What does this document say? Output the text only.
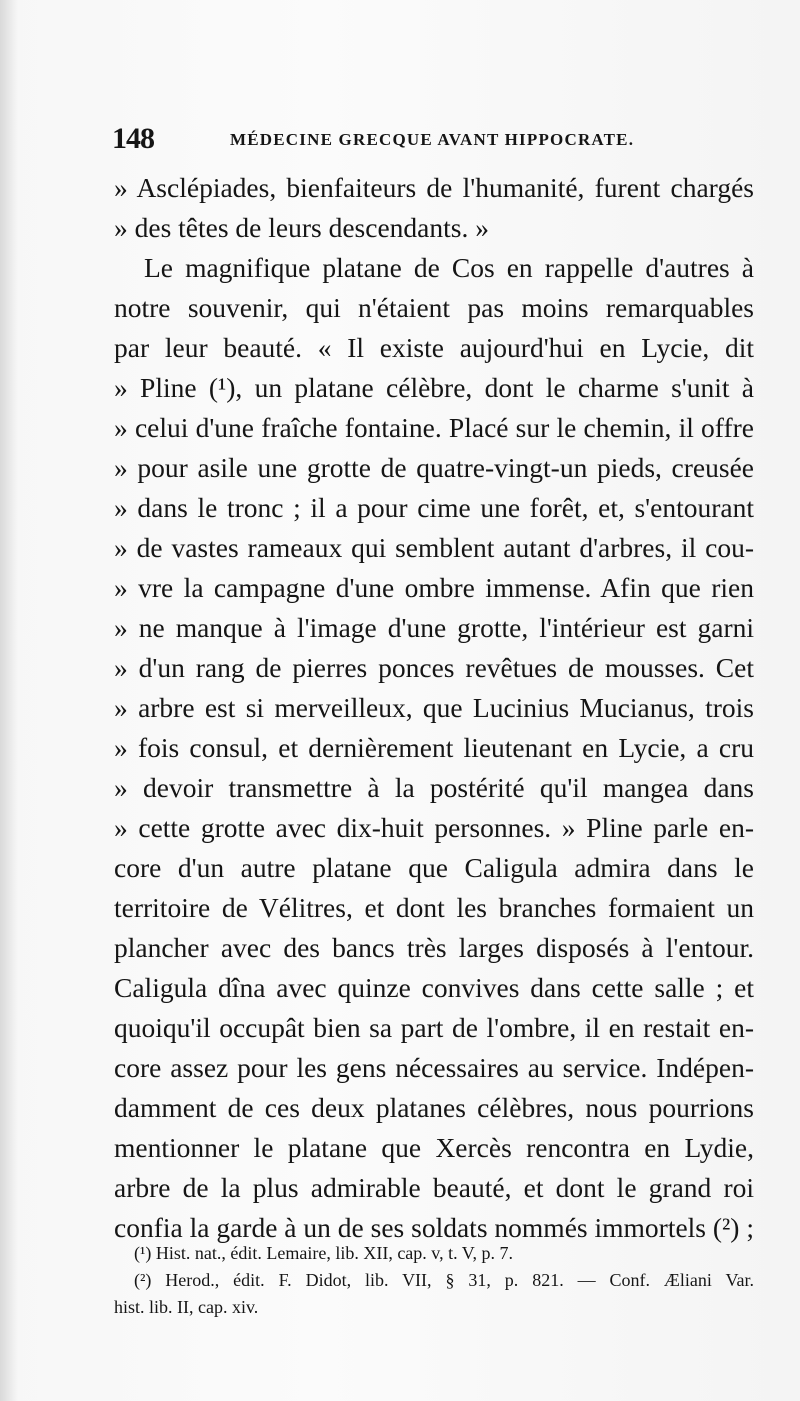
148	MÉDECINE GRECQUE AVANT HIPPOCRATE.
» Asclépiades, bienfaiteurs de l'humanité, furent chargés
» des têtes de leurs descendants. »
Le magnifique platane de Cos en rappelle d'autres à
notre souvenir, qui n'étaient pas moins remarquables
par leur beauté. « Il existe aujourd'hui en Lycie, dit
» Pline (¹), un platane célèbre, dont le charme s'unit à
» celui d'une fraîche fontaine. Placé sur le chemin, il offre
» pour asile une grotte de quatre-vingt-un pieds, creusée
» dans le tronc ; il a pour cime une forêt, et, s'entourant
» de vastes rameaux qui semblent autant d'arbres, il cou-
» vre la campagne d'une ombre immense. Afin que rien
» ne manque à l'image d'une grotte, l'intérieur est garni
» d'un rang de pierres ponces revêtues de mousses. Cet
» arbre est si merveilleux, que Lucinius Mucianus, trois
» fois consul, et dernièrement lieutenant en Lycie, a cru
» devoir transmettre à la postérité qu'il mangea dans
» cette grotte avec dix-huit personnes. » Pline parle en-
core d'un autre platane que Caligula admira dans le
territoire de Vélitres, et dont les branches formaient un
plancher avec des bancs très larges disposés à l'entour.
Caligula dîna avec quinze convives dans cette salle ; et
quoiqu'il occupât bien sa part de l'ombre, il en restait en-
core assez pour les gens nécessaires au service. Indépen-
damment de ces deux platanes célèbres, nous pourrions
mentionner le platane que Xercès rencontra en Lydie,
arbre de la plus admirable beauté, et dont le grand roi
confia la garde à un de ses soldats nommés immortels (²) ;
(¹) Hist. nat., édit. Lemaire, lib. XII, cap. v, t. V, p. 7.
(²) Herod., édit. F. Didot, lib. VII, § 31, p. 821. — Conf. Æliani Var.
hist. lib. II, cap. xiv.
